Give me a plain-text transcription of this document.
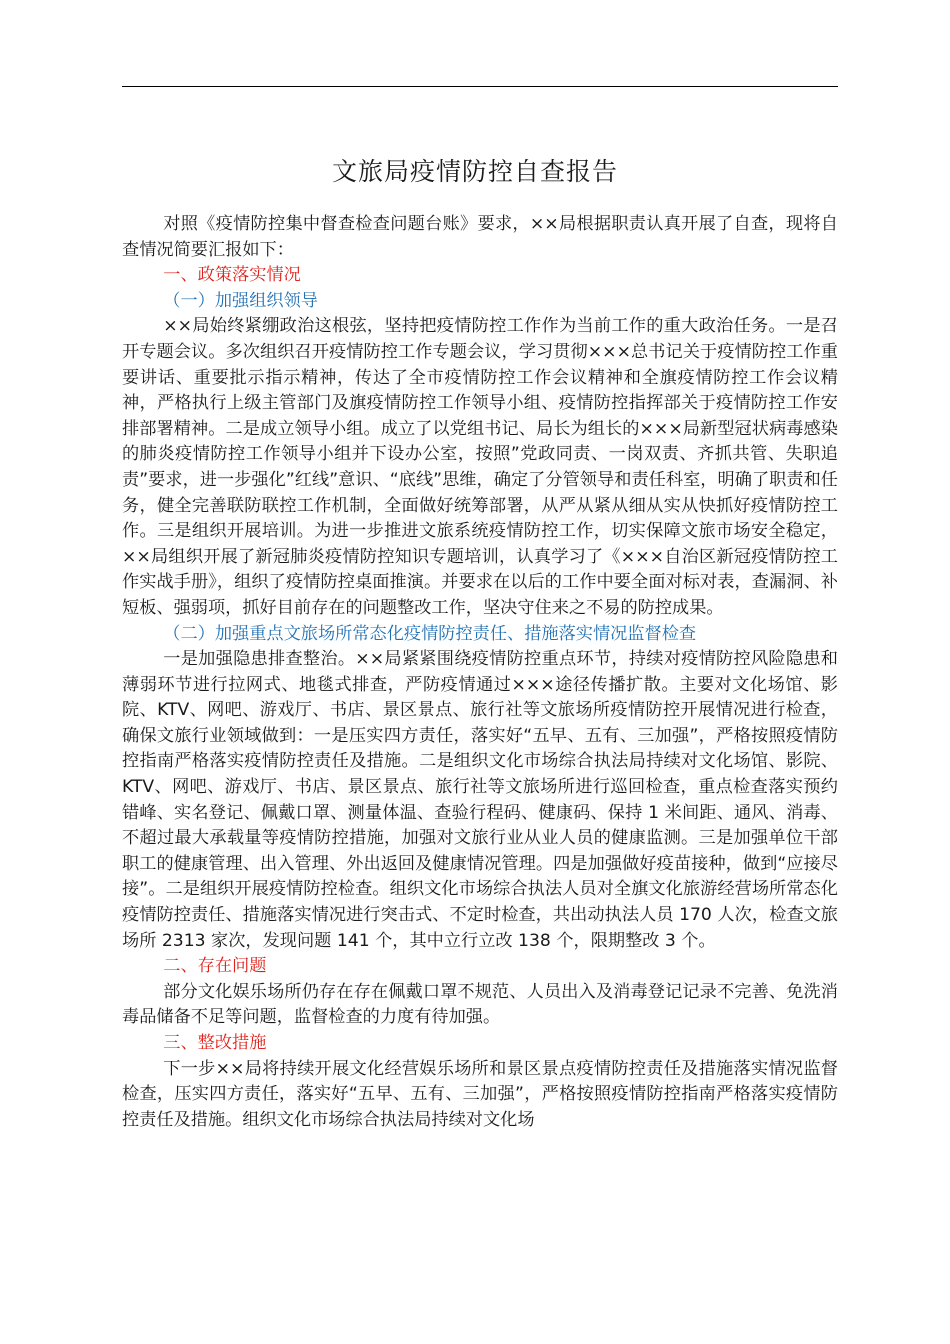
文旅局疫情防控自查报告

对照《疫情防控集中督查检查问题台账》要求，××局根据职责认真开展了自查，现将自查情况简要汇报如下：

一、政策落实情况

（一）加强组织领导

××局始终紧绷政治这根弦，坚持把疫情防控工作作为当前工作的重大政治任务。一是召开专题会议。多次组织召开疫情防控工作专题会议，学习贯彻×××总书记关于疫情防控工作重要讲话、重要批示指示精神，传达了全市疫情防控工作会议精神和全旗疫情防控工作会议精神，严格执行上级主管部门及旗疫情防控工作领导小组、疫情防控指挥部关于疫情防控工作安排部署精神。二是成立领导小组。成立了以党组书记、局长为组长的×××局新型冠状病毒感染的肺炎疫情防控工作领导小组并下设办公室，按照”党政同责、一岗双责、齐抓共管、失职追责”要求，进一步强化”红线”意识、“底线”思维，确定了分管领导和责任科室，明确了职责和任务，健全完善联防联控工作机制，全面做好统筹部署，从严从紧从细从实从快抓好疫情防控工作。三是组织开展培训。为进一步推进文旅系统疫情防控工作，切实保障文旅市场安全稳定，××局组织开展了新冠肺炎疫情防控知识专题培训，认真学习了《×××自治区新冠疫情防控工作实战手册》，组织了疫情防控桌面推演。并要求在以后的工作中要全面对标对表，查漏洞、补短板、强弱项，抓好目前存在的问题整改工作，坚决守住来之不易的防控成果。

（二）加强重点文旅场所常态化疫情防控责任、措施落实情况监督检查

一是加强隐患排查整治。××局紧紧围绕疫情防控重点环节，持续对疫情防控风险隐患和薄弱环节进行拉网式、地毯式排查，严防疫情通过×××途径传播扩散。主要对文化场馆、影院、KTV、网吧、游戏厅、书店、景区景点、旅行社等文旅场所疫情防控开展情况进行检查，确保文旅行业领域做到：一是压实四方责任，落实好“五早、五有、三加强”，严格按照疫情防控指南严格落实疫情防控责任及措施。二是组织文化市场综合执法局持续对文化场馆、影院、KTV、网吧、游戏厅、书店、景区景点、旅行社等文旅场所进行巡回检查，重点检查落实预约错峰、实名登记、佩戴口罩、测量体温、查验行程码、健康码、保持 1 米间距、通风、消毒、不超过最大承载量等疫情防控措施，加强对文旅行业从业人员的健康监测。三是加强单位干部职工的健康管理、出入管理、外出返回及健康情况管理。四是加强做好疫苗接种，做到“应接尽接”。二是组织开展疫情防控检查。组织文化市场综合执法人员对全旗文化旅游经营场所常态化疫情防控责任、措施落实情况进行突击式、不定时检查，共出动执法人员 170 人次，检查文旅场所 2313 家次，发现问题 141 个，其中立行立改 138 个，限期整改 3 个。

二、存在问题

部分文化娱乐场所仍存在存在佩戴口罩不规范、人员出入及消毒登记记录不完善、免洗消毒品储备不足等问题，监督检查的力度有待加强。

三、整改措施

下一步××局将持续开展文化经营娱乐场所和景区景点疫情防控责任及措施落实情况监督检查，压实四方责任，落实好“五早、五有、三加强”，严格按照疫情防控指南严格落实疫情防控责任及措施。组织文化市场综合执法局持续对文化场
